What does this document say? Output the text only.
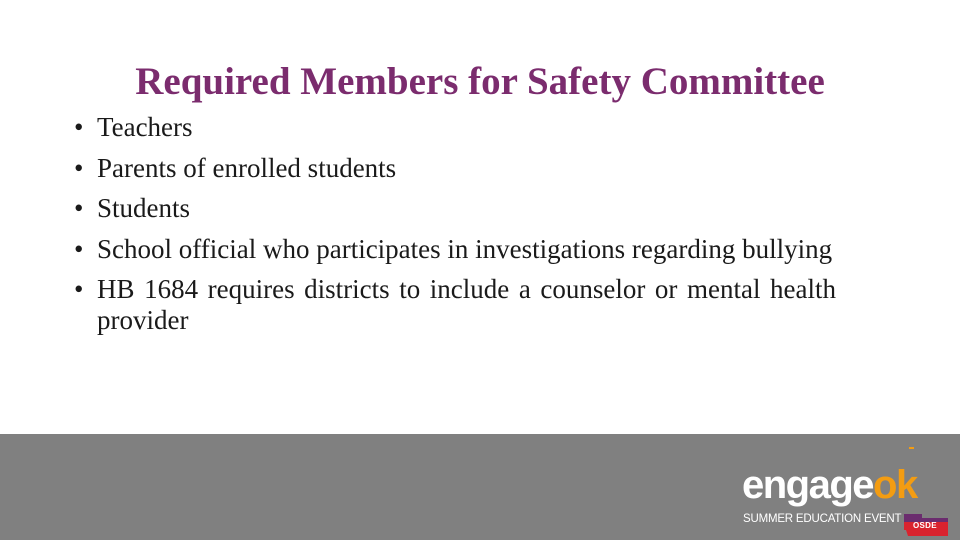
Required Members for Safety Committee
• Teachers
• Parents of enrolled students
• Students
• School official who participates in investigations regarding bullying
• HB 1684 requires districts to include a counselor or mental health provider
engageok
SUMMER EDUCATION EVENT
OSDE
